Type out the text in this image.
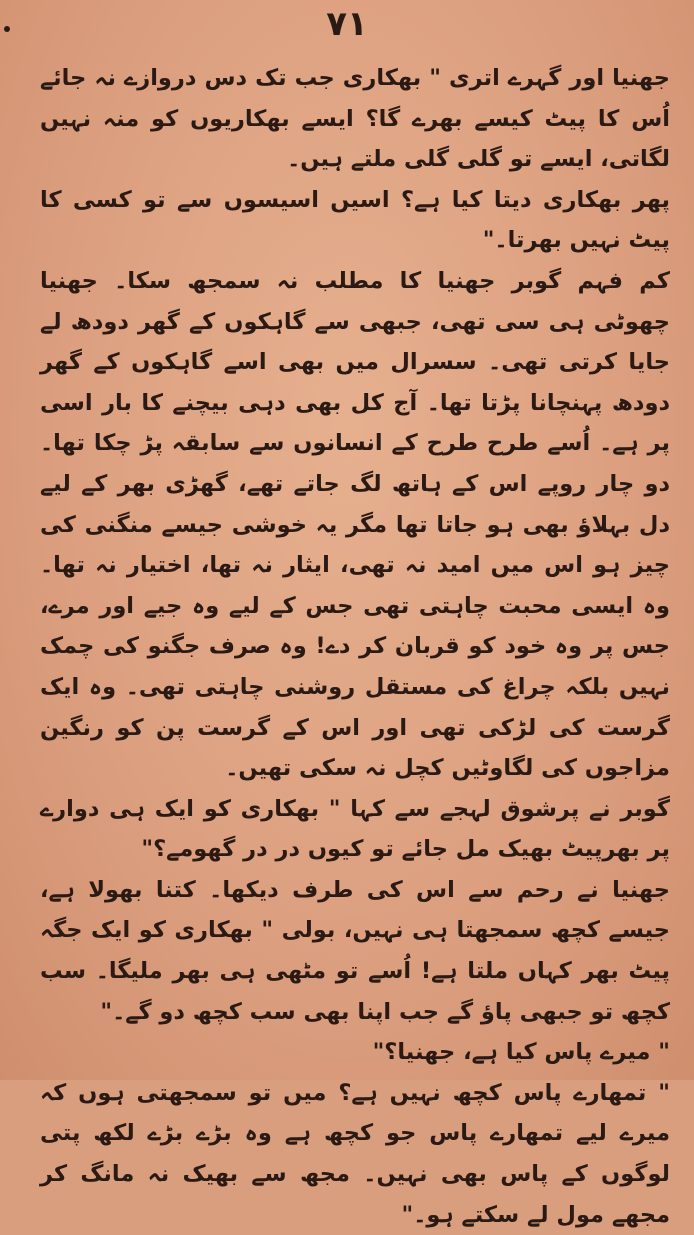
۷۱

جھنیا اور گہرے اتری " بھکاری جب تک دس دروازے نہ جائے اُس کا پیٹ کیسے بھرے گا؟ ایسے بھکاریوں کو منہ نہیں لگاتی، ایسے تو گلی گلی ملتے ہیں۔

پھر بھکاری دیتا کیا ہے؟ اسیں اسیسوں سے تو کسی کا پیٹ نہیں بھرتا۔"

کم فہم گوبر جھنیا کا مطلب نہ سمجھ سکا۔ جھنیا چھوٹی ہی سی تھی، جبھی سے گاہکوں کے گھر دودھ لے جایا کرتی تھی۔ سسرال میں بھی اسے گاہکوں کے گھر دودھ پہنچانا پڑتا تھا۔ آج کل بھی دہی بیچنے کا بار اسی پر ہے۔ اُسے طرح طرح کے انسانوں سے سابقہ پڑ چکا تھا۔ دو چار روپے اس کے ہاتھ لگ جاتے تھے، گھڑی بھر کے لیے دل بہلاؤ بھی ہو جاتا تھا مگر یہ خوشی جیسے منگنی کی چیز ہو اس میں امید نہ تھی، ایثار نہ تھا، اختیار نہ تھا۔ وہ ایسی محبت چاہتی تھی جس کے لیے وہ جیے اور مرے، جس پر وہ خود کو قربان کر دے! وہ صرف جگنو کی چمک نہیں بلکہ چراغ کی مستقل روشنی چاہتی تھی۔ وہ ایک گرست کی لڑکی تھی اور اس کے گرست پن کو رنگین مزاجوں کی لگاوٹیں کچل نہ سکی تھیں۔

گوبر نے پرشوق لہجے سے کہا " بھکاری کو ایک ہی دوارے پر بھرپیٹ بھیک مل جائے تو کیوں در در گھومے؟"

جھنیا نے رحم سے اس کی طرف دیکھا۔ کتنا بھولا ہے، جیسے کچھ سمجھتا ہی نہیں، بولی " بھکاری کو ایک جگہ پیٹ بھر کہاں ملتا ہے! اُسے تو مٹھی ہی بھر ملیگا۔ سب کچھ تو جبھی پاؤ گے جب اپنا بھی سب کچھ دو گے۔"

" میرے پاس کیا ہے، جھنیا؟"

" تمھارے پاس کچھ نہیں ہے؟ میں تو سمجھتی ہوں کہ میرے لیے تمھارے پاس جو کچھ ہے وہ بڑے بڑے لکھ پتی لوگوں کے پاس بھی نہیں۔ مجھ سے بھیک نہ مانگ کر مجھے مول لے سکتے ہو۔"
